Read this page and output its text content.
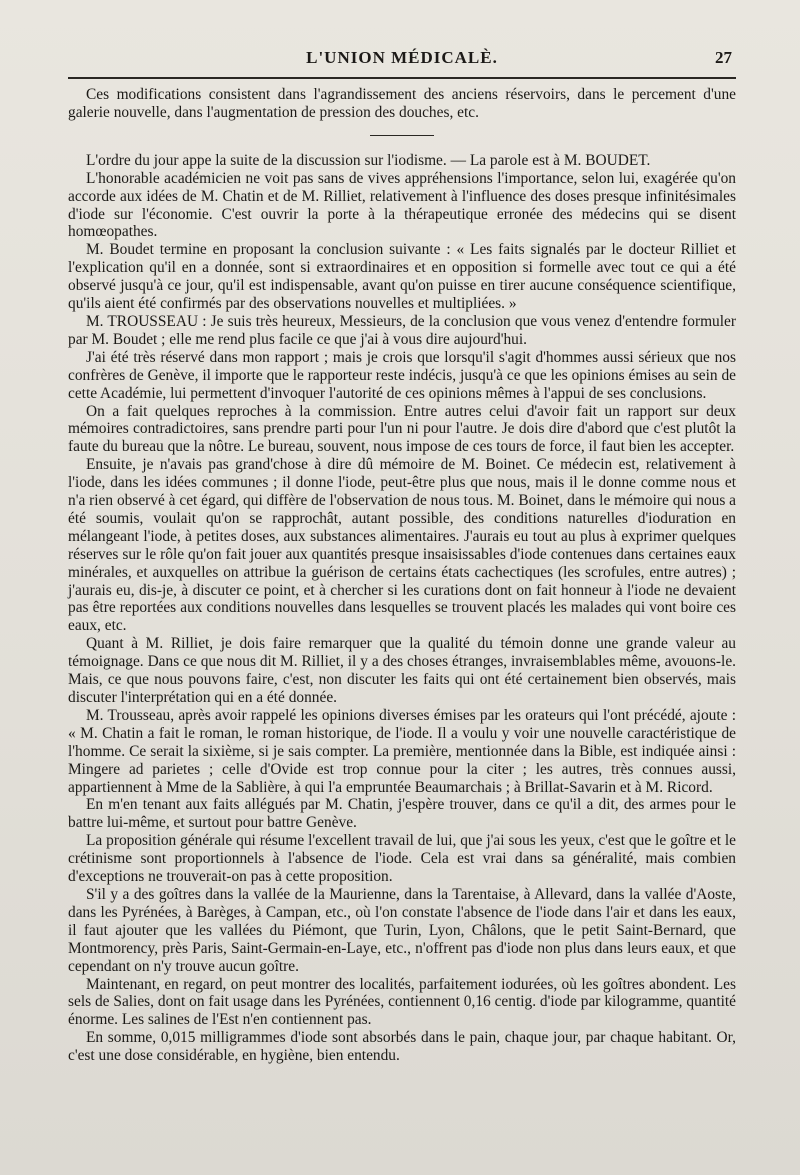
L'UNION MÉDICALÈ.	27

Ces modifications consistent dans l'agrandissement des anciens réservoirs, dans le percement d'une galerie nouvelle, dans l'augmentation de pression des douches, etc.

L'ordre du jour appe la suite de la discussion sur l'iodisme. — La parole est à M. BOUDET.

L'honorable académicien ne voit pas sans de vives appréhensions l'importance, selon lui, exagérée qu'on accorde aux idées de M. Chatin et de M. Rilliet, relativement à l'influence des doses presque infinitésimales d'iode sur l'économie. C'est ouvrir la porte à la thérapeutique erronée des médecins qui se disent homœopathes.

M. Boudet termine en proposant la conclusion suivante : « Les faits signalés par le docteur Rilliet et l'explication qu'il en a donnée, sont si extraordinaires et en opposition si formelle avec tout ce qui a été observé jusqu'à ce jour, qu'il est indispensable, avant qu'on puisse en tirer aucune conséquence scientifique, qu'ils aient été confirmés par des observations nouvelles et multipliées. »

M. TROUSSEAU : Je suis très heureux, Messieurs, de la conclusion que vous venez d'entendre formuler par M. Boudet ; elle me rend plus facile ce que j'ai à vous dire aujourd'hui.

J'ai été très réservé dans mon rapport ; mais je crois que lorsqu'il s'agit d'hommes aussi sérieux que nos confrères de Genève, il importe que le rapporteur reste indécis, jusqu'à ce que les opinions émises au sein de cette Académie, lui permettent d'invoquer l'autorité de ces opinions mêmes à l'appui de ses conclusions.

On a fait quelques reproches à la commission. Entre autres celui d'avoir fait un rapport sur deux mémoires contradictoires, sans prendre parti pour l'un ni pour l'autre. Je dois dire d'abord que c'est plutôt la faute du bureau que la nôtre. Le bureau, souvent, nous impose de ces tours de force, il faut bien les accepter.

Ensuite, je n'avais pas grand'chose à dire dû mémoire de M. Boinet. Ce médecin est, relativement à l'iode, dans les idées communes ; il donne l'iode, peut-être plus que nous, mais il le donne comme nous et n'a rien observé à cet égard, qui diffère de l'observation de nous tous. M. Boinet, dans le mémoire qui nous a été soumis, voulait qu'on se rapprochât, autant possible, des conditions naturelles d'ioduration en mélangeant l'iode, à petites doses, aux substances alimentaires. J'aurais eu tout au plus à exprimer quelques réserves sur le rôle qu'on fait jouer aux quantités presque insaisissables d'iode contenues dans certaines eaux minérales, et auxquelles on attribue la guérison de certains états cachectiques (les scrofules, entre autres) ; j'aurais eu, dis-je, à discuter ce point, et à chercher si les curations dont on fait honneur à l'iode ne devaient pas être reportées aux conditions nouvelles dans lesquelles se trouvent placés les malades qui vont boire ces eaux, etc.

Quant à M. Rilliet, je dois faire remarquer que la qualité du témoin donne une grande valeur au témoignage. Dans ce que nous dit M. Rilliet, il y a des choses étranges, invraisemblables même, avouons-le. Mais, ce que nous pouvons faire, c'est, non discuter les faits qui ont été certainement bien observés, mais discuter l'interprétation qui en a été donnée.

M. Trousseau, après avoir rappelé les opinions diverses émises par les orateurs qui l'ont précédé, ajoute : « M. Chatin a fait le roman, le roman historique, de l'iode. Il a voulu y voir une nouvelle caractéristique de l'homme. Ce serait la sixième, si je sais compter. La première, mentionnée dans la Bible, est indiquée ainsi : Mingere ad parietes ; celle d'Ovide est trop connue pour la citer ; les autres, très connues aussi, appartiennent à Mme de la Sablière, à qui l'a empruntée Beaumarchais ; à Brillat-Savarin et à M. Ricord.

En m'en tenant aux faits allégués par M. Chatin, j'espère trouver, dans ce qu'il a dit, des armes pour le battre lui-même, et surtout pour battre Genève.

La proposition générale qui résume l'excellent travail de lui, que j'ai sous les yeux, c'est que le goître et le crétinisme sont proportionnels à l'absence de l'iode. Cela est vrai dans sa généralité, mais combien d'exceptions ne trouverait-on pas à cette proposition.

S'il y a des goîtres dans la vallée de la Maurienne, dans la Tarentaise, à Allevard, dans la vallée d'Aoste, dans les Pyrénées, à Barèges, à Campan, etc., où l'on constate l'absence de l'iode dans l'air et dans les eaux, il faut ajouter que les vallées du Piémont, que Turin, Lyon, Châlons, que le petit Saint-Bernard, que Montmorency, près Paris, Saint-Germain-en-Laye, etc., n'offrent pas d'iode non plus dans leurs eaux, et que cependant on n'y trouve aucun goître.

Maintenant, en regard, on peut montrer des localités, parfaitement iodurées, où les goîtres abondent. Les sels de Salies, dont on fait usage dans les Pyrénées, contiennent 0,16 centig. d'iode par kilogramme, quantité énorme. Les salines de l'Est n'en contiennent pas.

En somme, 0,015 milligrammes d'iode sont absorbés dans le pain, chaque jour, par chaque habitant. Or, c'est une dose considérable, en hygiène, bien entendu.
